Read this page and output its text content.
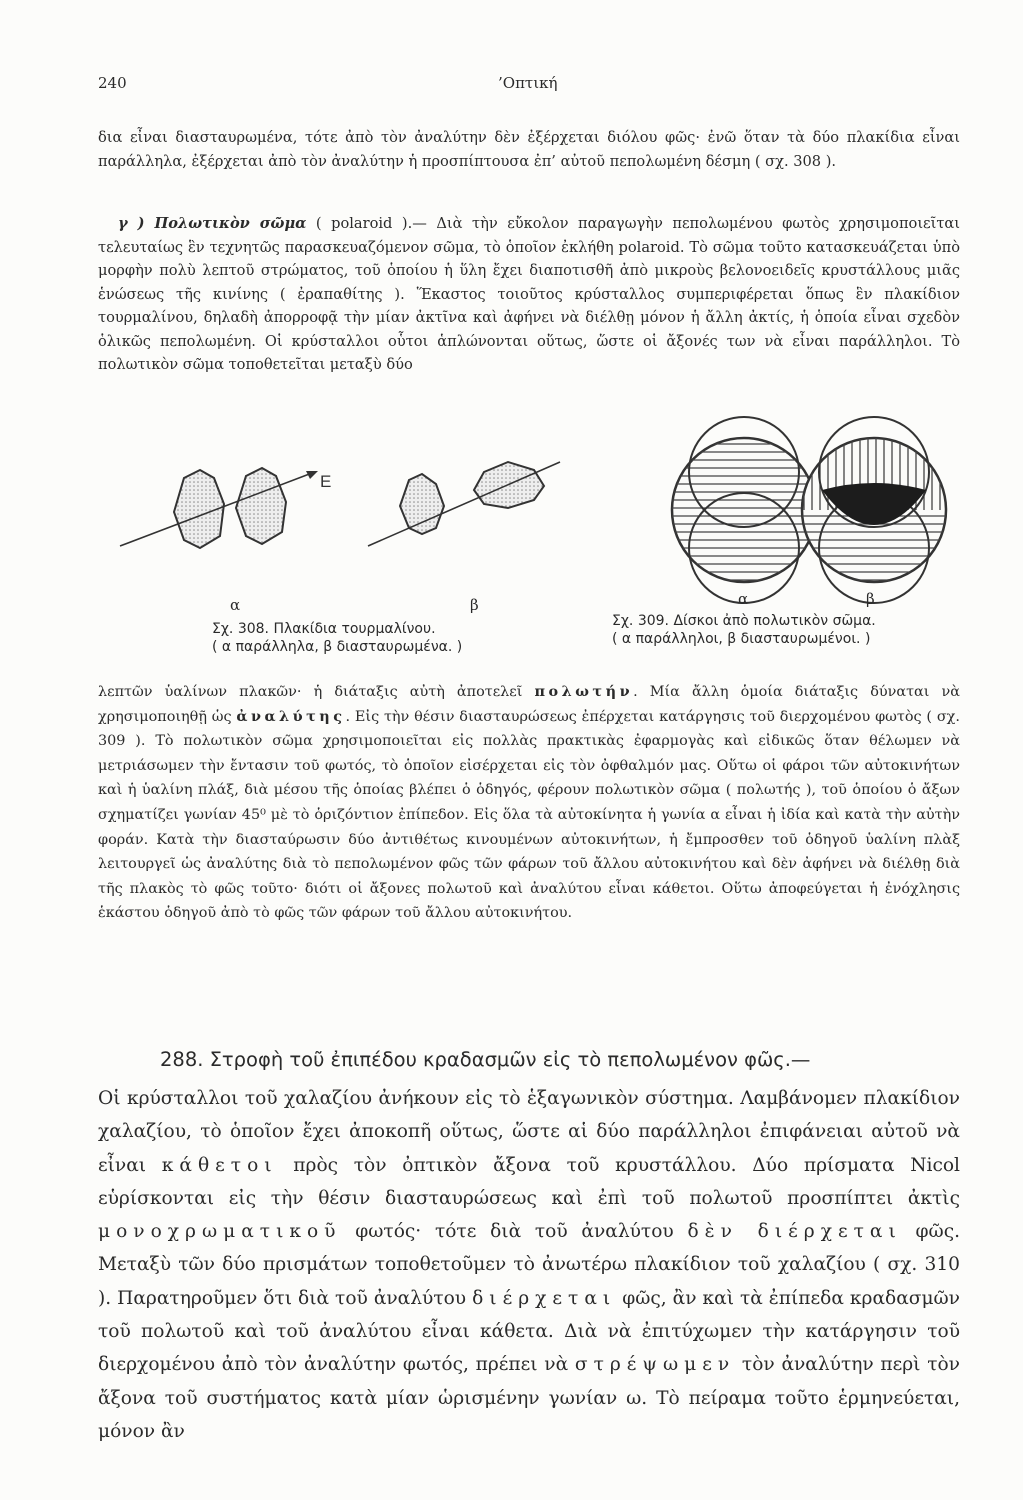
240	’Οπτική

δια εἶναι διασταυρωμένα, τότε ἀπὸ τὸν ἀναλύτην δὲν ἐξέρχεται διόλου φῶς· ἐνῶ ὅταν τὰ δύο πλακίδια εἶναι παράλληλα, ἐξέρχεται ἀπὸ τὸν ἀναλύτην ἡ προσπίπτουσα ἐπ’ αὐτοῦ πεπολωμένη δέσμη ( σχ. 308 ).

γ ) Πολωτικὸν σῶμα ( polaroid ).— Διὰ τὴν εὔκολον παραγωγὴν πεπολωμένου φωτὸς χρησιμοποιεῖται τελευταίως ἓν τεχνητῶς παρασκευαζόμενον σῶμα, τὸ ὁποῖον ἐκλήθη polaroid. Τὸ σῶμα τοῦτο κατασκευάζεται ὑπὸ μορφὴν πολὺ λεπτοῦ στρώματος, τοῦ ὁποίου ἡ ὕλη ἔχει διαποτισθῆ ἀπὸ μικροὺς βελονοειδεῖς κρυστάλλους μιᾶς ἑνώσεως τῆς κινίνης ( ἐραπαθίτης ). Ἕκαστος τοιοῦτος κρύσταλλος συμπεριφέρεται ὅπως ἓν πλακίδιον τουρμαλίνου, δηλαδὴ ἀπορροφᾷ τὴν μίαν ἀκτῖνα καὶ ἀφήνει νὰ διέλθῃ μόνον ἡ ἄλλη ἀκτίς, ἡ ὁποία εἶναι σχεδὸν ὁλικῶς πεπολωμένη. Οἱ κρύσταλλοι οὗτοι ἁπλώνονται οὕτως, ὥστε οἱ ἄξονές των νὰ εἶναι παράλληλοι. Τὸ πολωτικὸν σῶμα τοποθετεῖται μεταξὺ δύο

E
α	β	α	β
Σχ. 308. Πλακίδια τουρμαλίνου.
( α παράλληλα, β διασταυρωμένα. )
Σχ. 309. Δίσκοι ἀπὸ πολωτικὸν σῶμα.
( α παράλληλοι, β διασταυρωμένοι. )

λεπτῶν ὑαλίνων πλακῶν· ἡ διάταξις αὐτὴ ἀποτελεῖ πολωτήν. Μία ἄλλη ὁμοία διάταξις δύναται νὰ χρησιμοποιηθῇ ὡς ἀναλύτης. Εἰς τὴν θέσιν διασταυρώσεως ἐπέρχεται κατάργησις τοῦ διερχομένου φωτὸς ( σχ. 309 ). Τὸ πολωτικὸν σῶμα χρησιμοποιεῖται εἰς πολλὰς πρακτικὰς ἐφαρμογὰς καὶ εἰδικῶς ὅταν θέλωμεν νὰ μετριάσωμεν τὴν ἔντασιν τοῦ φωτός, τὸ ὁποῖον εἰσέρχεται εἰς τὸν ὀφθαλμόν μας. Οὕτω οἱ φάροι τῶν αὐτοκινήτων καὶ ἡ ὑαλίνη πλάξ, διὰ μέσου τῆς ὁποίας βλέπει ὁ ὁδηγός, φέρουν πολωτικὸν σῶμα ( πολωτής ), τοῦ ὁποίου ὁ ἄξων σχηματίζει γωνίαν 45⁰ μὲ τὸ ὁριζόντιον ἐπίπεδον. Εἰς ὅλα τὰ αὐτοκίνητα ἡ γωνία α εἶναι ἡ ἰδία καὶ κατὰ τὴν αὐτὴν φοράν. Κατὰ τὴν διασταύρωσιν δύο ἀντιθέτως κινουμένων αὐτοκινήτων, ἡ ἔμπροσθεν τοῦ ὁδηγοῦ ὑαλίνη πλὰξ λειτουργεῖ ὡς ἀναλύτης διὰ τὸ πεπολωμένον φῶς τῶν φάρων τοῦ ἄλλου αὐτοκινήτου καὶ δὲν ἀφήνει νὰ διέλθῃ διὰ τῆς πλακὸς τὸ φῶς τοῦτο· διότι οἱ ἄξονες πολωτοῦ καὶ ἀναλύτου εἶναι κάθετοι. Οὕτω ἀποφεύγεται ἡ ἐνόχλησις ἑκάστου ὁδηγοῦ ἀπὸ τὸ φῶς τῶν φάρων τοῦ ἄλλου αὐτοκινήτου.

288. Στροφὴ τοῦ ἐπιπέδου κραδασμῶν εἰς τὸ πεπολωμένον φῶς.—

Οἱ κρύσταλλοι τοῦ χαλαζίου ἀνήκουν εἰς τὸ ἑξαγωνικὸν σύστημα. Λαμβάνομεν πλακίδιον χαλαζίου, τὸ ὁποῖον ἔχει ἀποκοπῆ οὕτως, ὥστε αἱ δύο παράλληλοι ἐπιφάνειαι αὐτοῦ νὰ εἶναι κάθετοι πρὸς τὸν ὀπτικὸν ἄξονα τοῦ κρυστάλλου. Δύο πρίσματα Nicol εὑρίσκονται εἰς τὴν θέσιν διασταυρώσεως καὶ ἐπὶ τοῦ πολωτοῦ προσπίπτει ἀκτὶς μονοχρωματικοῦ φωτός· τότε διὰ τοῦ ἀναλύτου δὲν διέρχεται φῶς. Μεταξὺ τῶν δύο πρισμάτων τοποθετοῦμεν τὸ ἀνωτέρω πλακίδιον τοῦ χαλαζίου ( σχ. 310 ). Παρατηροῦμεν ὅτι διὰ τοῦ ἀναλύτου διέρχεται φῶς, ἂν καὶ τὰ ἐπίπεδα κραδασμῶν τοῦ πολωτοῦ καὶ τοῦ ἀναλύτου εἶναι κάθετα. Διὰ νὰ ἐπιτύχωμεν τὴν κατάργησιν τοῦ διερχομένου ἀπὸ τὸν ἀναλύτην φωτός, πρέπει νὰ στρέψωμεν τὸν ἀναλύτην περὶ τὸν ἄξονα τοῦ συστήματος κατὰ μίαν ὡρισμένην γωνίαν ω. Τὸ πείραμα τοῦτο ἑρμηνεύεται, μόνον ἂν
